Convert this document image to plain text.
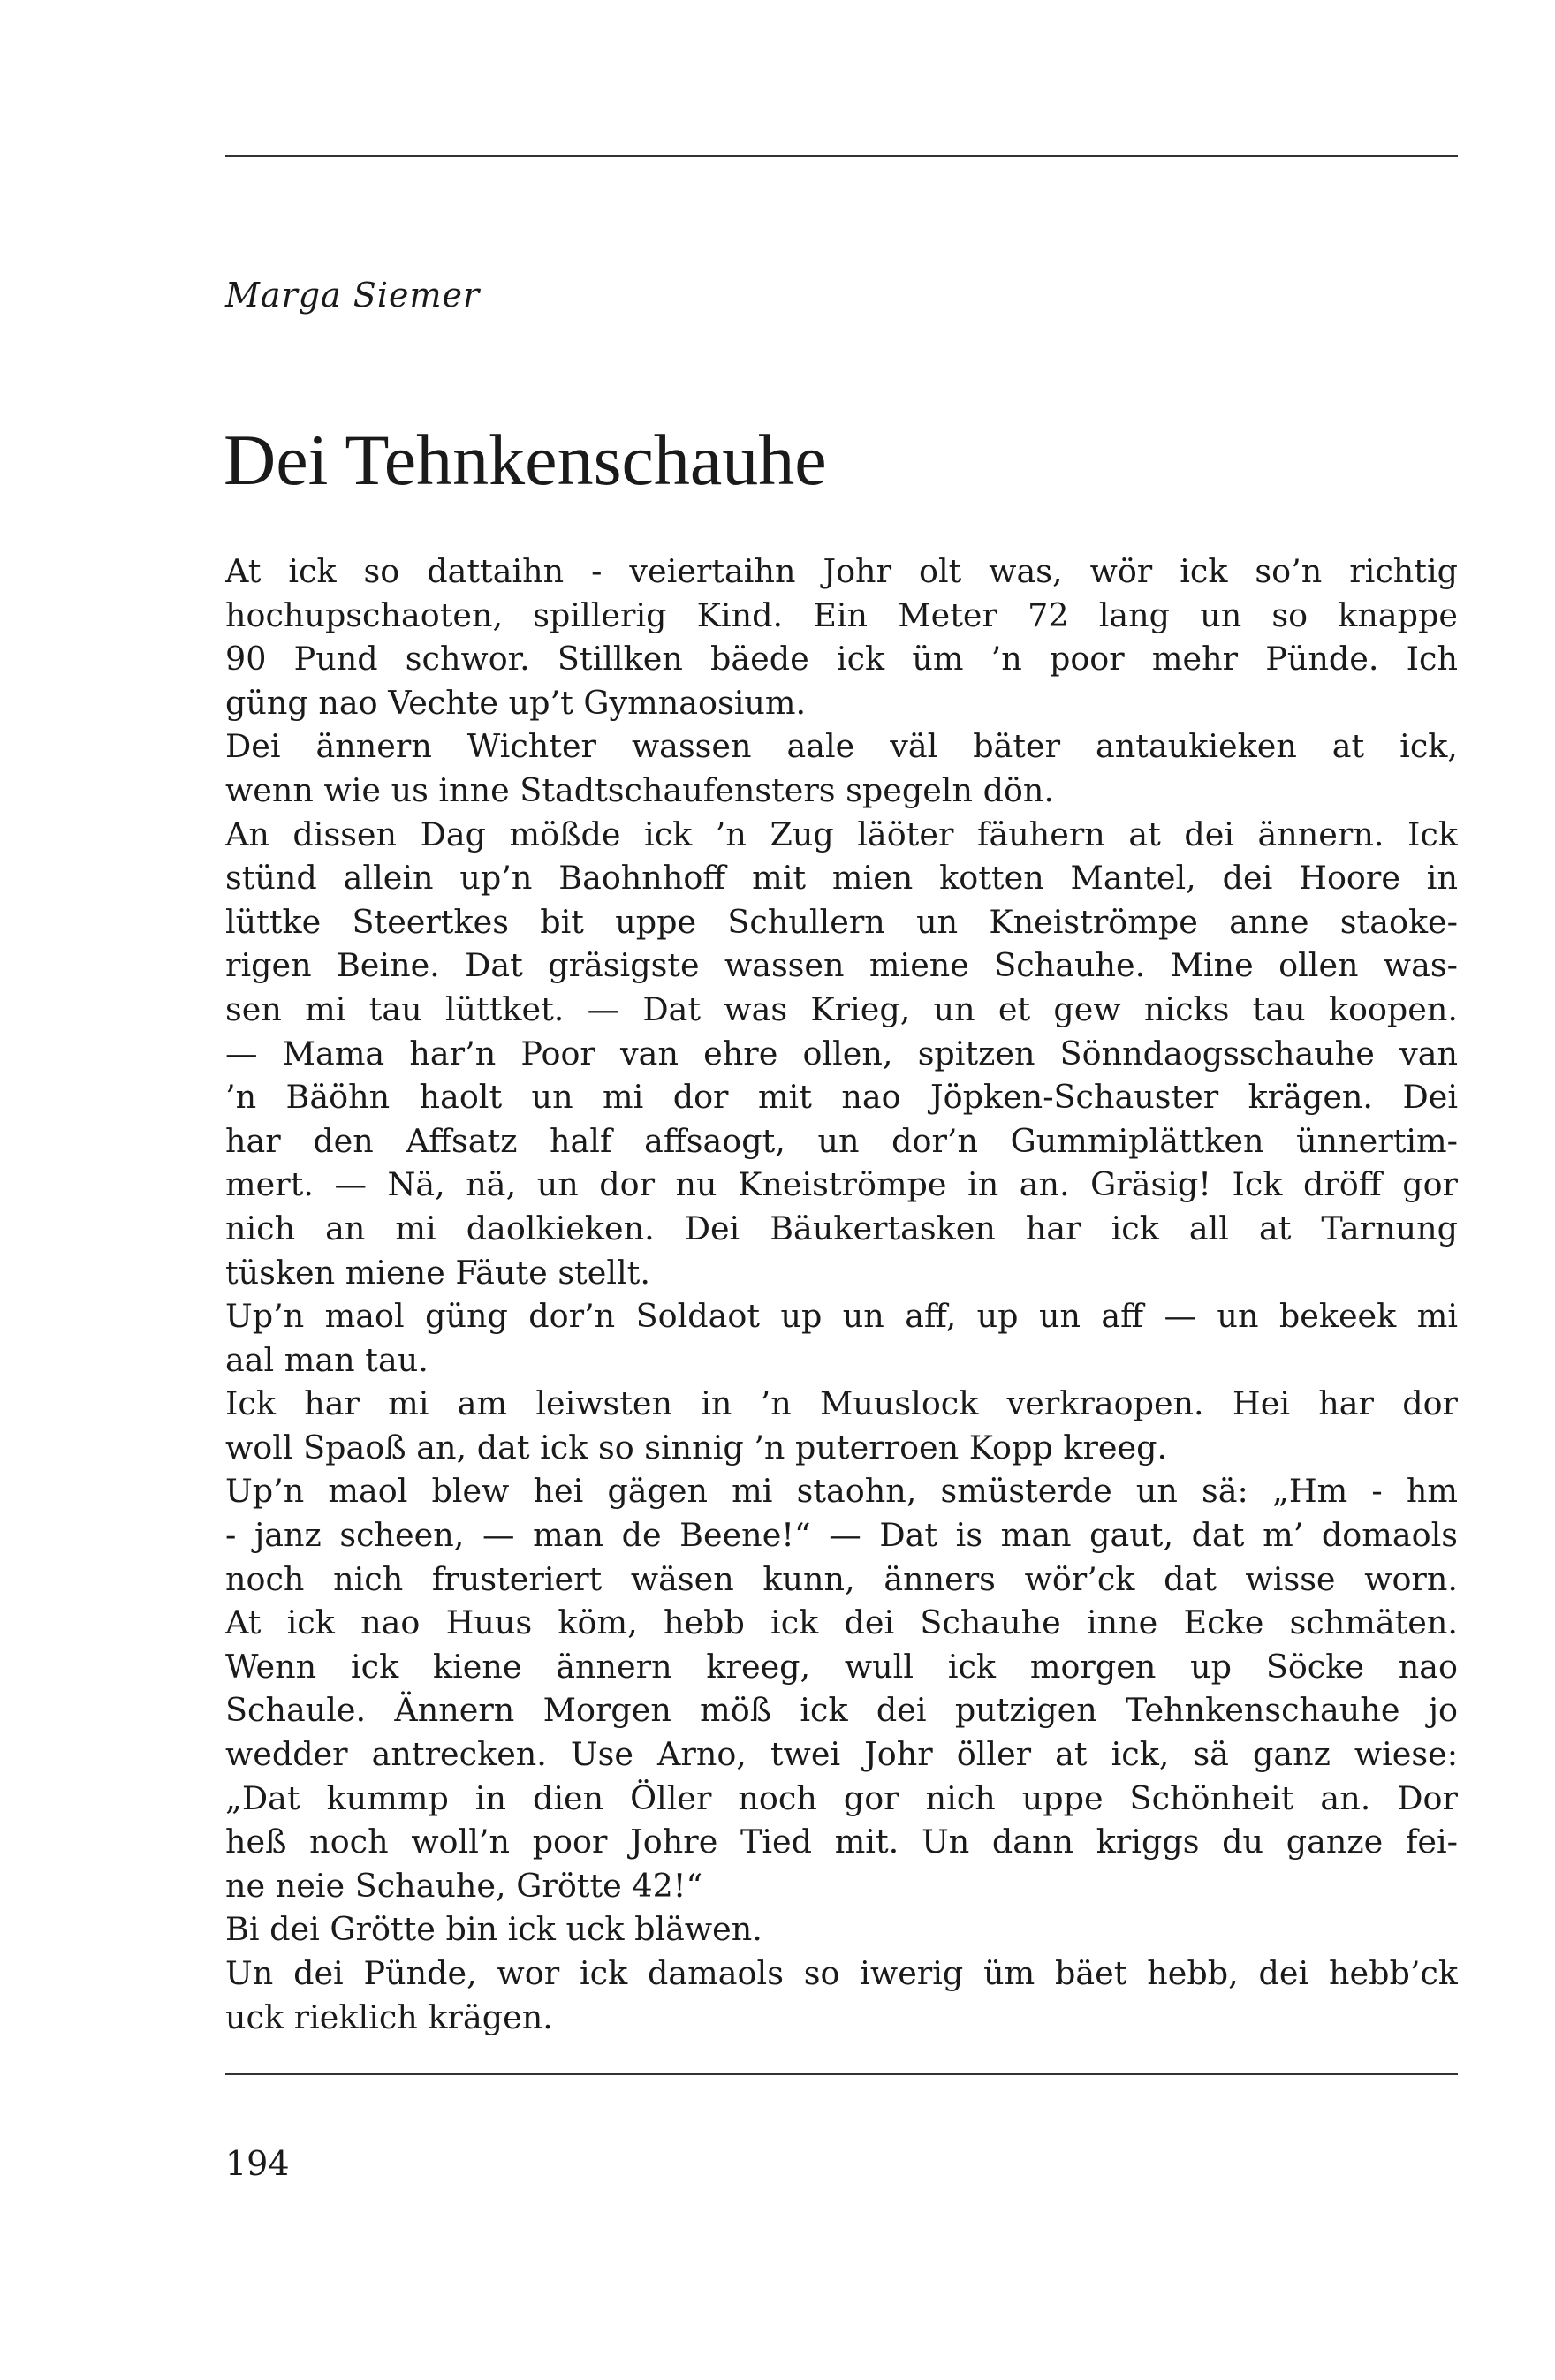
Marga Siemer
Dei Tehnkenschauhe
At ick so dattaihn - veiertaihn Johr olt was, wör ick so’n richtig
hochupschaoten, spillerig Kind. Ein Meter 72 lang un so knappe
90 Pund schwor. Stillken bäede ick üm ’n poor mehr Pünde. Ich
güng nao Vechte up’t Gymnaosium.
Dei ännern Wichter wassen aale väl bäter antaukieken at ick,
wenn wie us inne Stadtschaufensters spegeln dön.
An dissen Dag mößde ick ’n Zug läöter fäuhern at dei ännern. Ick
stünd allein up’n Baohnhoff mit mien kotten Mantel, dei Hoore in
lüttke Steertkes bit uppe Schullern un Kneiströmpe anne staoke-
rigen Beine. Dat gräsigste wassen miene Schauhe. Mine ollen was-
sen mi tau lüttket. — Dat was Krieg, un et gew nicks tau koopen.
— Mama har’n Poor van ehre ollen, spitzen Sönndaogsschauhe van
’n Bäöhn haolt un mi dor mit nao Jöpken-Schauster krägen. Dei
har den Affsatz half affsaogt, un dor’n Gummiplättken ünnertim-
mert. — Nä, nä, un dor nu Kneiströmpe in an. Gräsig! Ick dröff gor
nich an mi daolkieken. Dei Bäukertasken har ick all at Tarnung
tüsken miene Fäute stellt.
Up’n maol güng dor’n Soldaot up un aff, up un aff — un bekeek mi
aal man tau.
Ick har mi am leiwsten in ’n Muuslock verkraopen. Hei har dor
woll Spaoß an, dat ick so sinnig ’n puterroen Kopp kreeg.
Up’n maol blew hei gägen mi staohn, smüsterde un sä: „Hm - hm
- janz scheen, — man de Beene!“ — Dat is man gaut, dat m’ domaols
noch nich frusteriert wäsen kunn, änners wör’ck dat wisse worn.
At ick nao Huus köm, hebb ick dei Schauhe inne Ecke schmäten.
Wenn ick kiene ännern kreeg, wull ick morgen up Söcke nao
Schaule. Ännern Morgen möß ick dei putzigen Tehnkenschauhe jo
wedder antrecken. Use Arno, twei Johr öller at ick, sä ganz wiese:
„Dat kummp in dien Öller noch gor nich uppe Schönheit an. Dor
heß noch woll’n poor Johre Tied mit. Un dann kriggs du ganze fei-
ne neie Schauhe, Grötte 42!“
Bi dei Grötte bin ick uck bläwen.
Un dei Pünde, wor ick damaols so iwerig üm bäet hebb, dei hebb’ck
uck rieklich krägen.
194
